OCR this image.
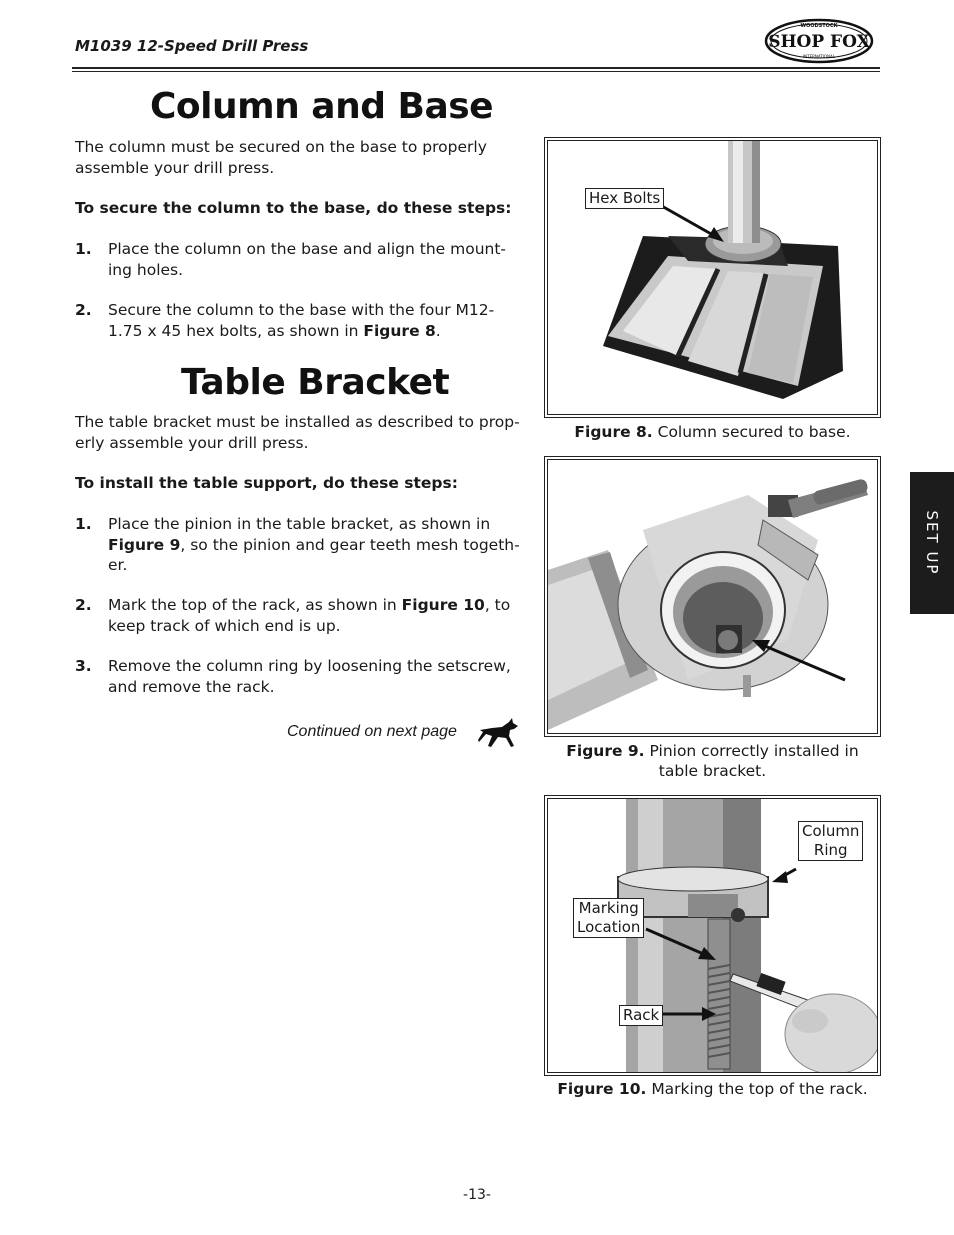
M1039 12-Speed Drill Press
WOODSTOCK
SHOP FOX
INTERNATIONAL
Column and Base
The column must be secured on the base to properly assemble your drill press.
To secure the column to the base, do these steps:
1. Place the column on the base and align the mount-ing holes.
2. Secure the column to the base with the four M12-1.75 x 45 hex bolts, as shown in Figure 8.
Table Bracket
The table bracket must be installed as described to prop-erly assemble your drill press.
To install the table support, do these steps:
1. Place the pinion in the table bracket, as shown in Figure 9, so the pinion and gear teeth mesh togeth-er.
2. Mark the top of the rack, as shown in Figure 10, to keep track of which end is up.
3. Remove the column ring by loosening the setscrew, and remove the rack.
Continued on next page
SET UP
Hex Bolts
Figure 8. Column secured to base.
Figure 9. Pinion correctly installed in
table bracket.
Column
Ring
Marking
Location
Rack
Figure 10. Marking the top of the rack.
-13-
